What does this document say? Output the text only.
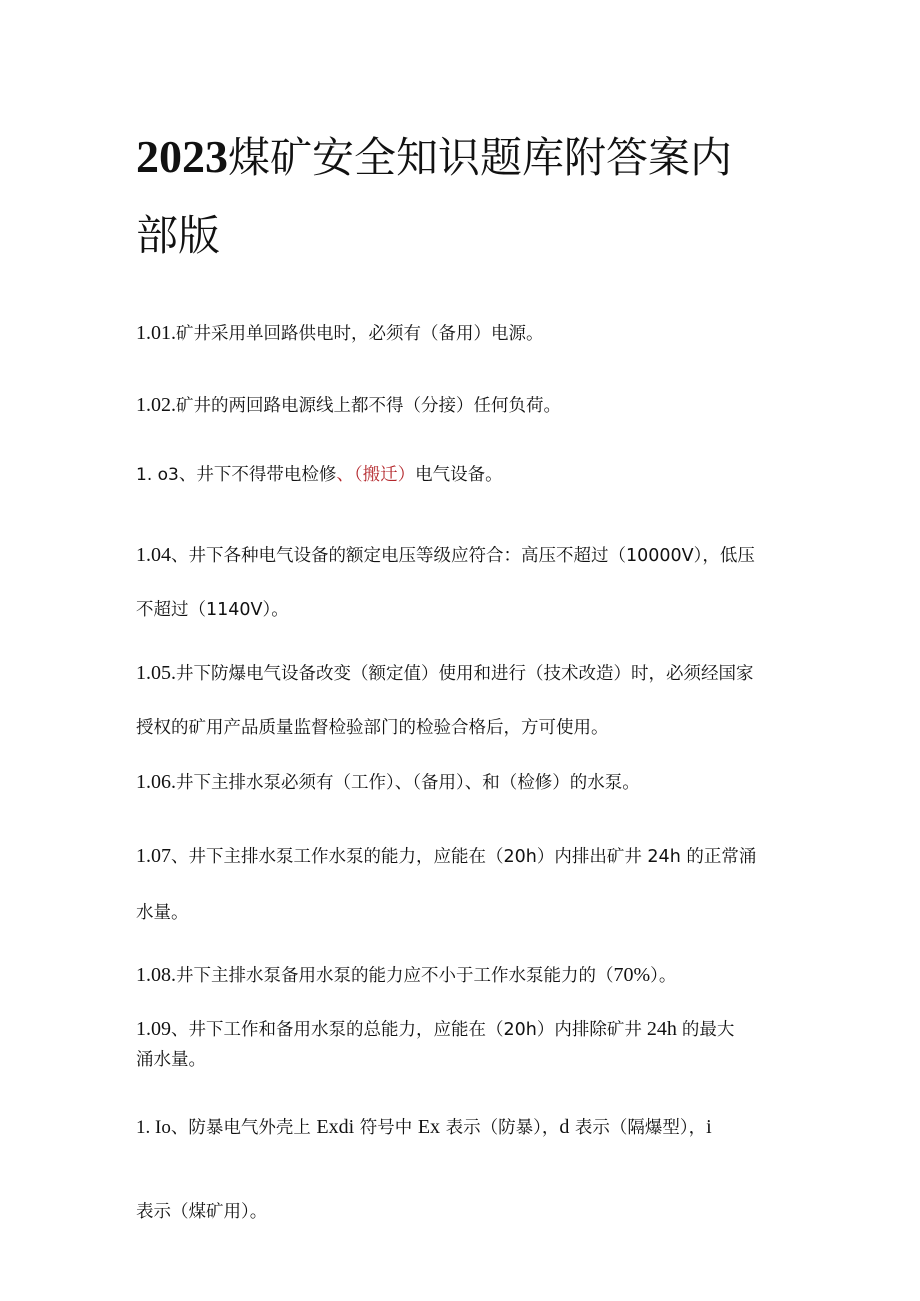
2023煤矿安全知识题库附答案内
部版

1.01.矿井采用单回路供电时，必须有（备用）电源。

1.02.矿井的两回路电源线上都不得（分接）任何负荷。

1. o3、井下不得带电检修、（搬迁）电气设备。

1.04、井下各种电气设备的额定电压等级应符合：高压不超过（10000V），低压
不超过（1140V）。

1.05.井下防爆电气设备改变（额定值）使用和进行（技术改造）时，必须经国家
授权的矿用产品质量监督检验部门的检验合格后，方可使用。

1.06.井下主排水泵必须有（工作）、（备用）、和（检修）的水泵。

1.07、井下主排水泵工作水泵的能力，应能在（20h）内排出矿井 24h 的正常涌
水量。

1.08.井下主排水泵备用水泵的能力应不小于工作水泵能力的（70%）。

1.09、井下工作和备用水泵的总能力，应能在（20h）内排除矿井 24h 的最大
涌水量。

1. Io、防暴电气外壳上 Exdi 符号中 Ex 表示（防暴），d 表示（隔爆型），i
表示（煤矿用）。
